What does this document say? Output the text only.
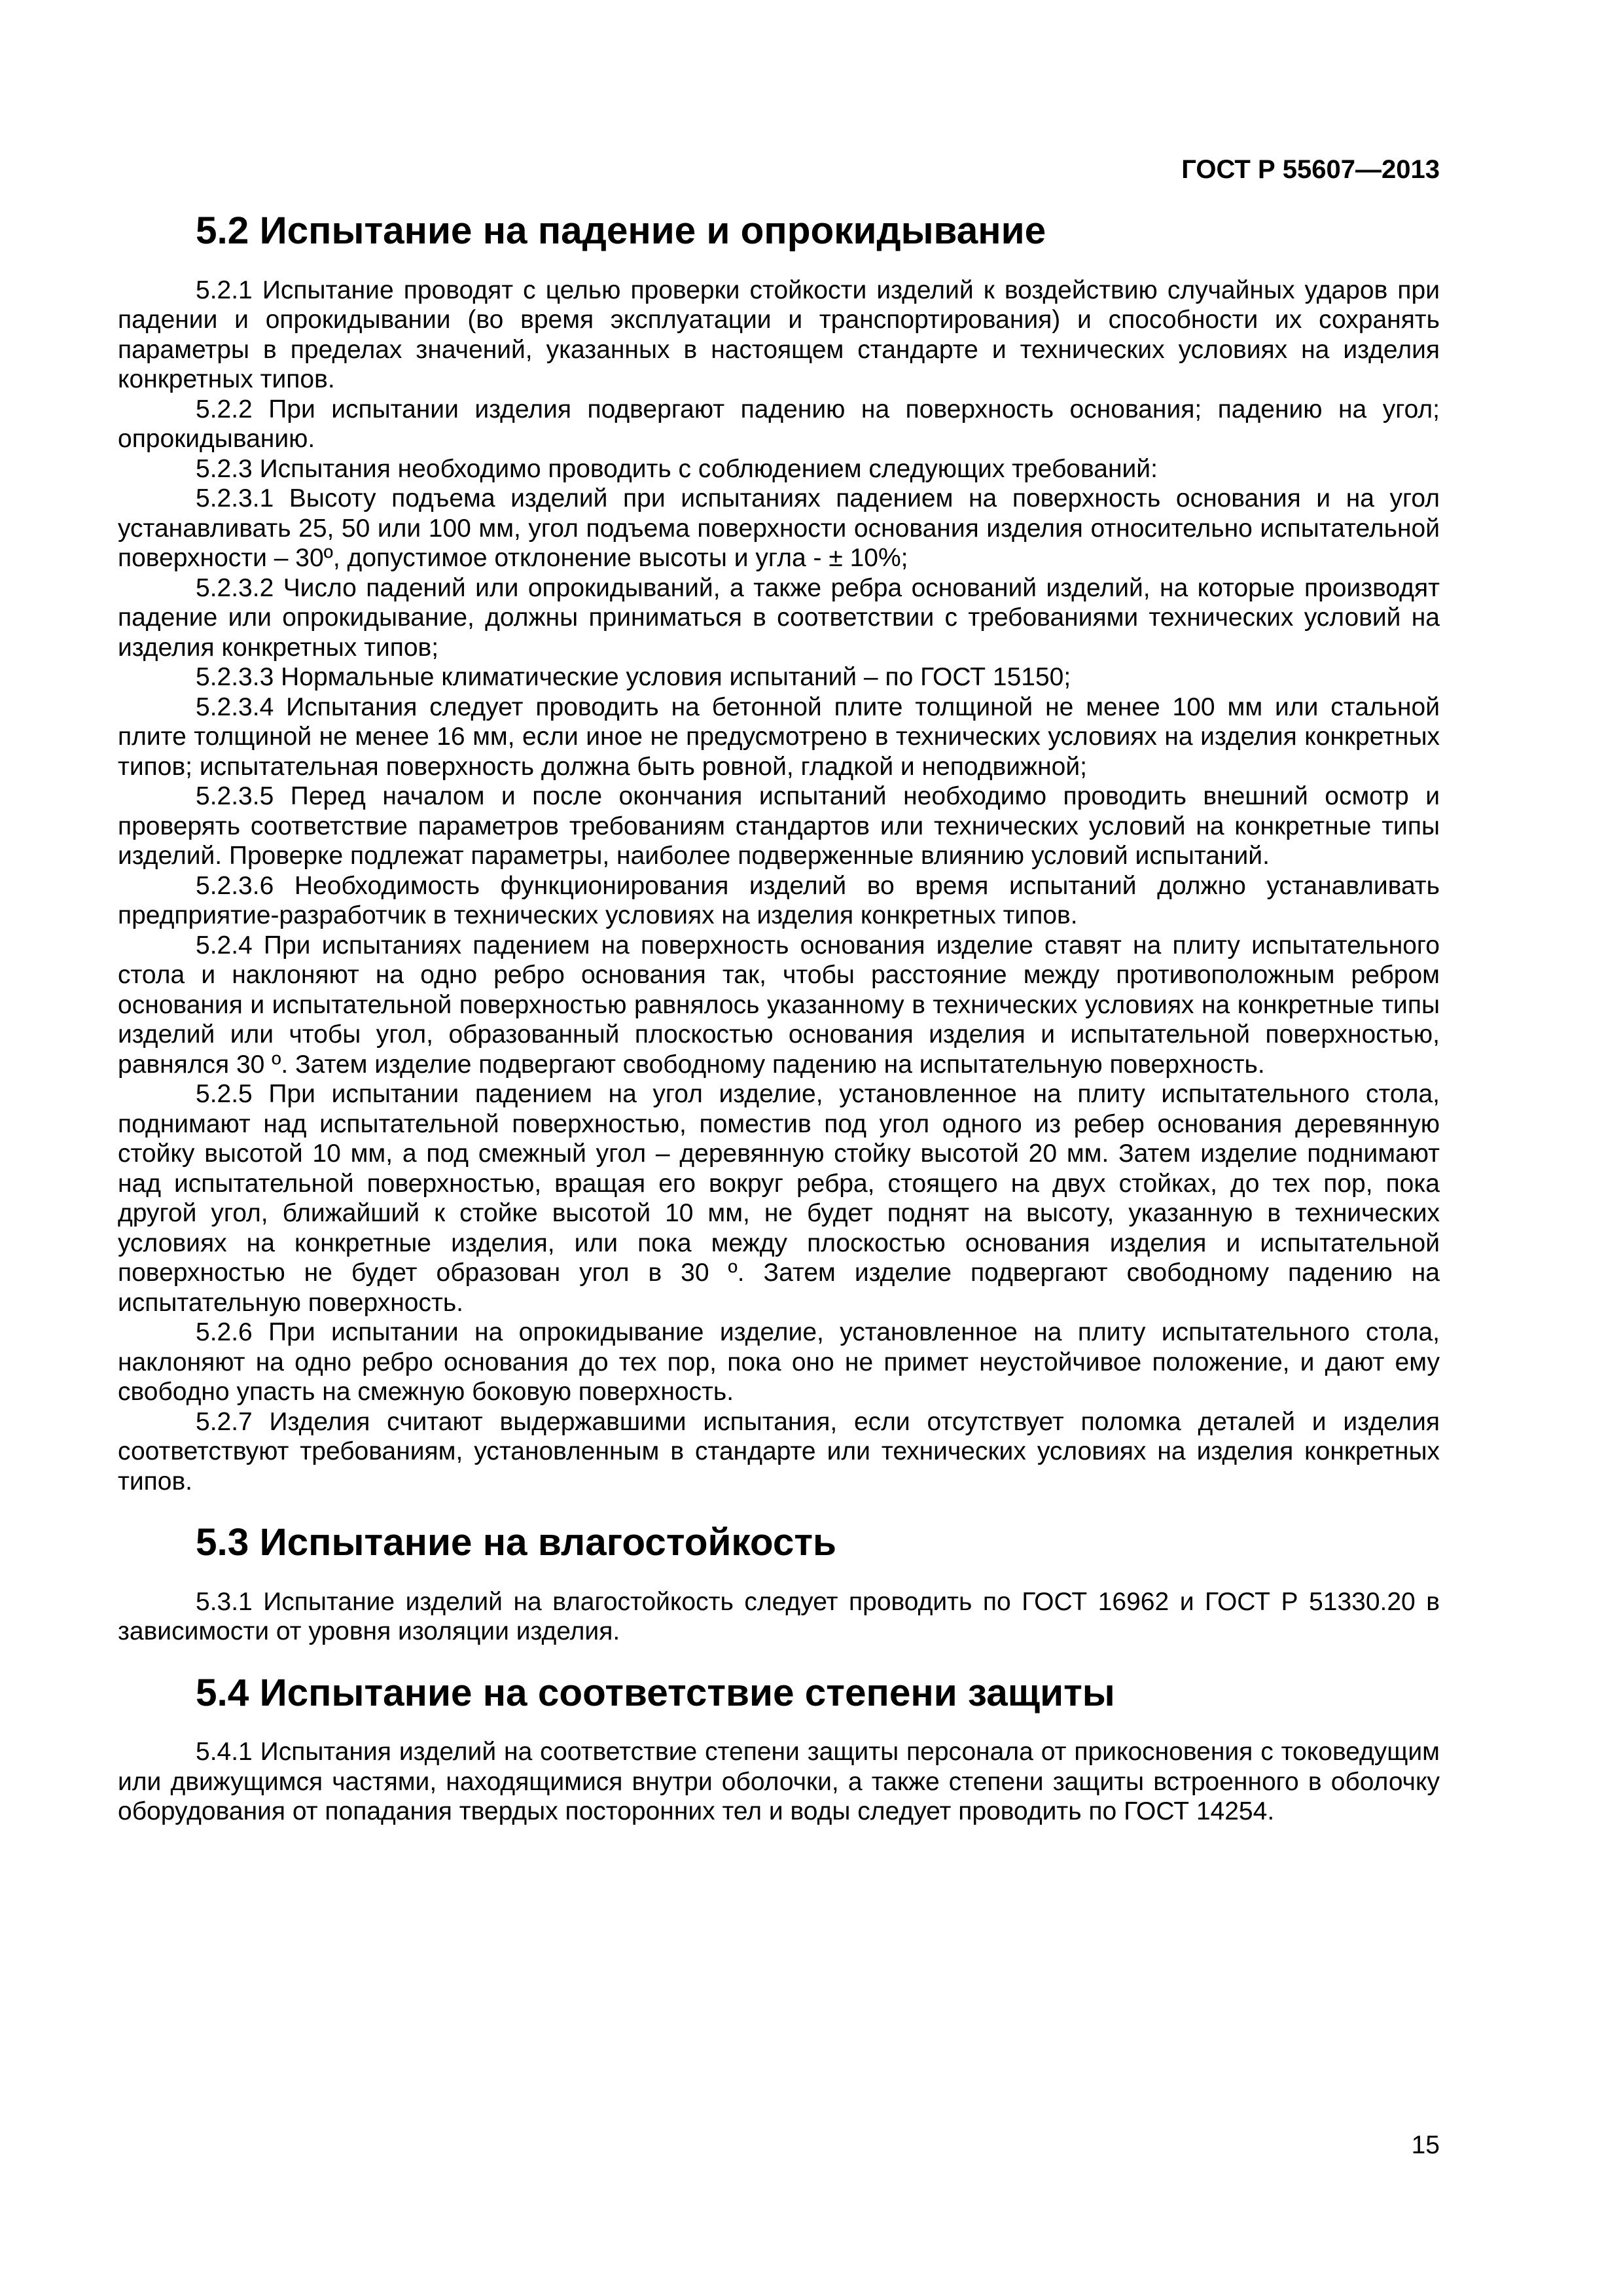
ГОСТ Р 55607—2013
5.2 Испытание на падение и опрокидывание

5.2.1 Испытание проводят с целью проверки стойкости изделий к воздействию случайных ударов при падении и опрокидывании (во время эксплуатации и транспортирования) и способности их сохранять параметры в пределах значений, указанных в настоящем стандарте и технических условиях на изделия конкретных типов.

5.2.2 При испытании изделия подвергают падению на поверхность основания; падению на угол; опрокидыванию.

5.2.3 Испытания необходимо проводить с соблюдением следующих требований:

5.2.3.1 Высоту подъема изделий при испытаниях падением на поверхность основания и на угол устанавливать 25, 50 или 100 мм, угол подъема поверхности основания изделия относительно испытательной поверхности – 30º, допустимое отклонение высоты и угла - ± 10%;

5.2.3.2 Число падений или опрокидываний, а также ребра оснований изделий, на которые производят падение или опрокидывание, должны приниматься в соответствии с требованиями технических условий на изделия конкретных типов;

5.2.3.3 Нормальные климатические условия испытаний – по ГОСТ 15150;

5.2.3.4 Испытания следует проводить на бетонной плите толщиной не менее 100 мм или стальной плите толщиной не менее 16 мм, если иное не предусмотрено в технических условиях на изделия конкретных типов; испытательная поверхность должна быть ровной, гладкой и неподвижной;

5.2.3.5 Перед началом и после окончания испытаний необходимо проводить внешний осмотр и проверять соответствие параметров требованиям стандартов или технических условий на конкретные типы изделий. Проверке подлежат параметры, наиболее подверженные влиянию условий испытаний.

5.2.3.6 Необходимость функционирования изделий во время испытаний должно устанавливать предприятие-разработчик в технических условиях на изделия конкретных типов.

5.2.4 При испытаниях падением на поверхность основания изделие ставят на плиту испытательного стола и наклоняют на одно ребро основания так, чтобы расстояние между противоположным ребром основания и испытательной поверхностью равнялось указанному в технических условиях на конкретные типы изделий или чтобы угол, образованный плоскостью основания изделия и испытательной поверхностью, равнялся 30 º. Затем изделие подвергают свободному падению на испытательную поверхность.

5.2.5 При испытании падением на угол изделие, установленное на плиту испытательного стола, поднимают над испытательной поверхностью, поместив под угол одного из ребер основания деревянную стойку высотой 10 мм, а под смежный угол – деревянную стойку высотой 20 мм. Затем изделие поднимают над испытательной поверхностью, вращая его вокруг ребра, стоящего на двух стойках, до тех пор, пока другой угол, ближайший к стойке высотой 10 мм, не будет поднят на высоту, указанную в технических условиях на конкретные изделия, или пока между плоскостью основания изделия и испытательной поверхностью не будет образован угол в 30 º. Затем изделие подвергают свободному падению на испытательную поверхность.

5.2.6 При испытании на опрокидывание изделие, установленное на плиту испытательного стола, наклоняют на одно ребро основания до тех пор, пока оно не примет неустойчивое положение, и дают ему свободно упасть на смежную боковую поверхность.

5.2.7 Изделия считают выдержавшими испытания, если отсутствует поломка деталей и изделия соответствуют требованиям, установленным в стандарте или технических условиях на изделия конкретных типов.

5.3 Испытание на влагостойкость

5.3.1 Испытание изделий на влагостойкость следует проводить по ГОСТ 16962 и ГОСТ Р 51330.20 в зависимости от уровня изоляции изделия.

5.4 Испытание на соответствие степени защиты

5.4.1 Испытания изделий на соответствие степени защиты персонала от прикосновения с токоведущим или движущимся частями, находящимися внутри оболочки, а также степени защиты встроенного в оболочку оборудования от попадания твердых посторонних тел и воды следует проводить по ГОСТ 14254.

15
